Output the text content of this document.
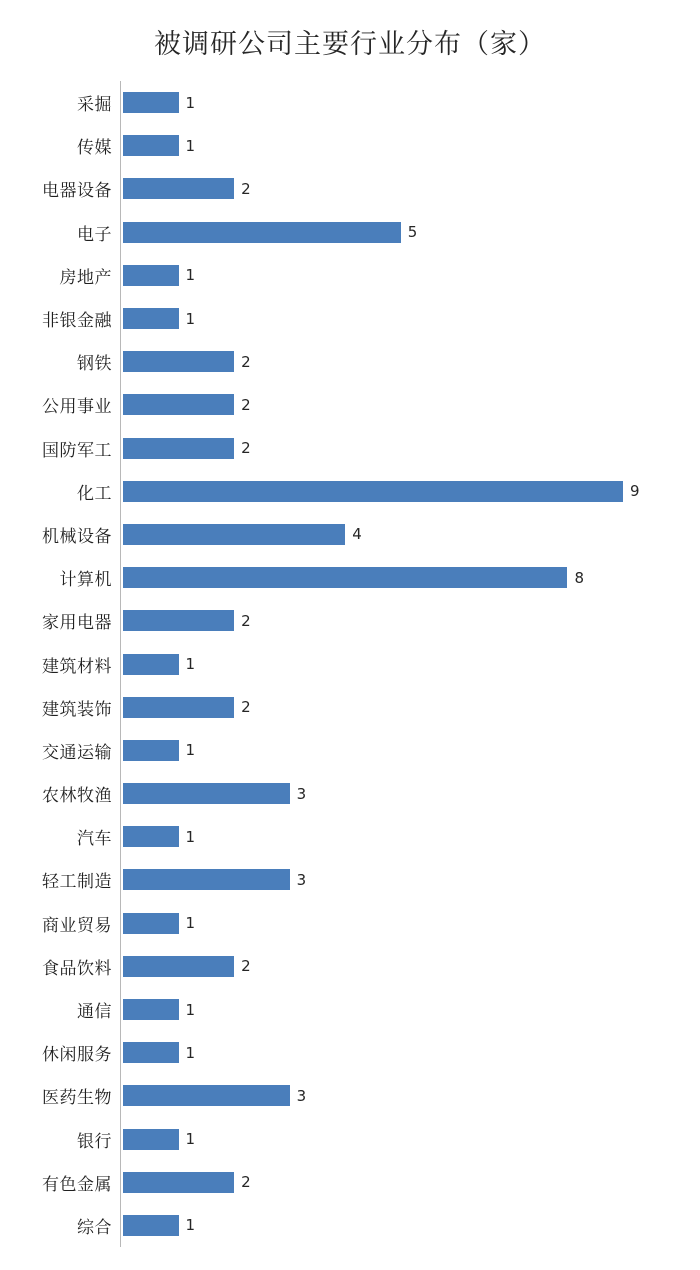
被调研公司主要行业分布（家）
采掘	1
传媒	1
电器设备	2
电子	5
房地产	1
非银金融	1
钢铁	2
公用事业	2
国防军工	2
化工	9
机械设备	4
计算机	8
家用电器	2
建筑材料	1
建筑装饰	2
交通运输	1
农林牧渔	3
汽车	1
轻工制造	3
商业贸易	1
食品饮料	2
通信	1
休闲服务	1
医药生物	3
银行	1
有色金属	2
综合	1
